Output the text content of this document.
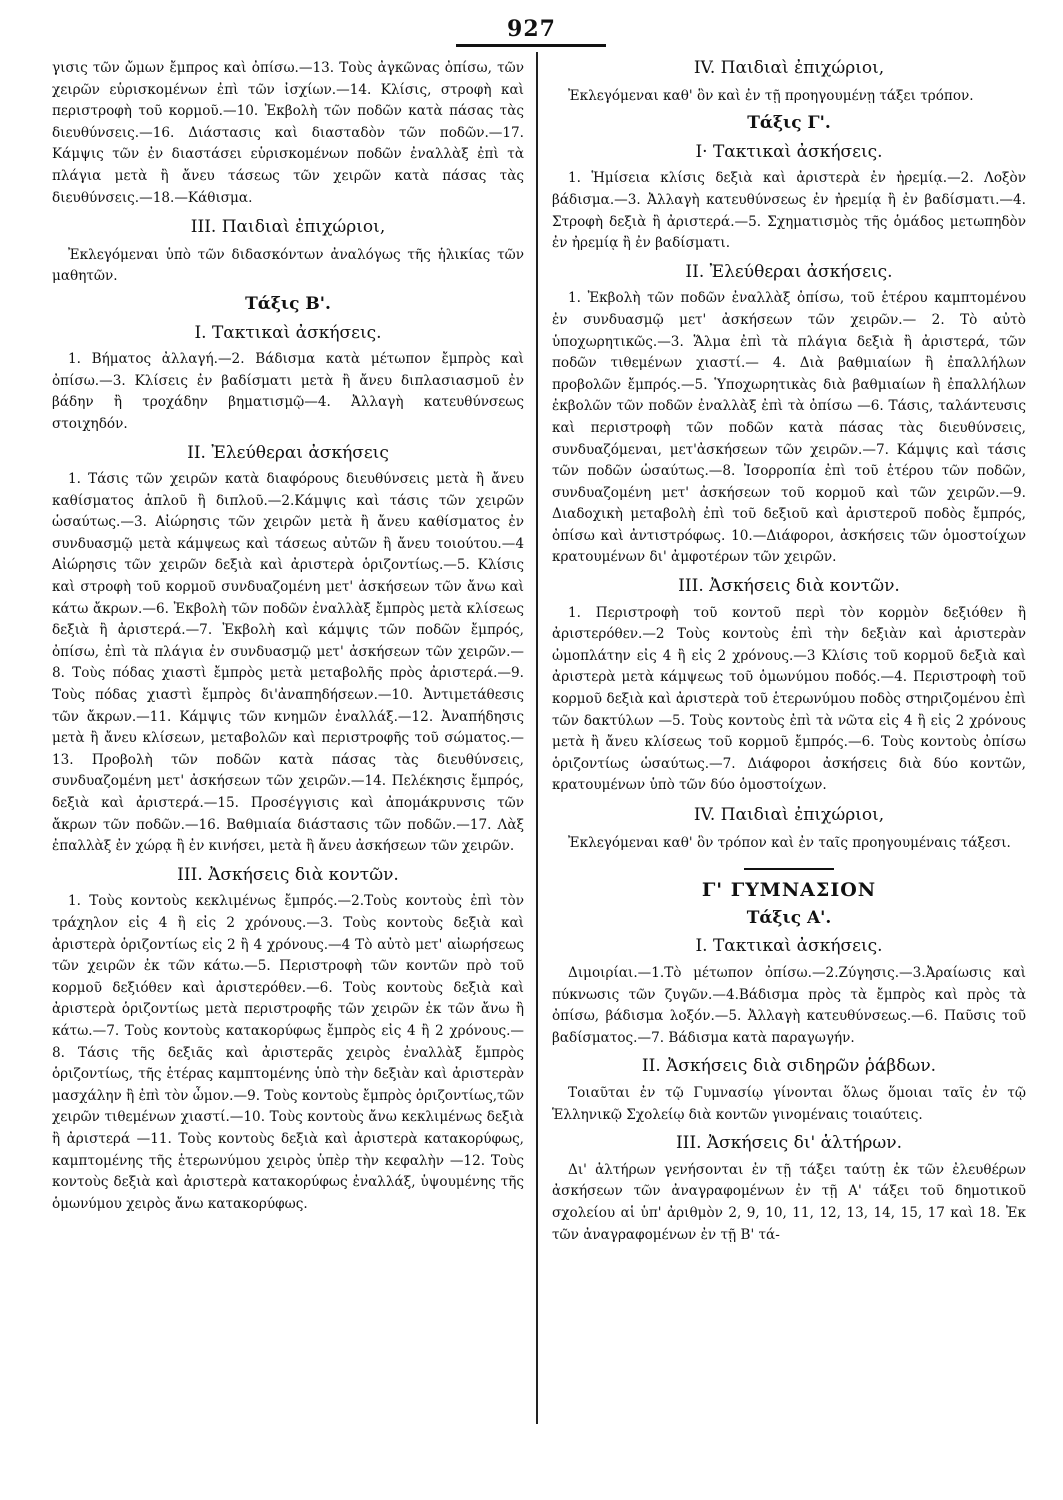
927

γισις τῶν ὤμων ἔμπρος καὶ ὀπίσω.—13. Τοὺς ἀγκῶνας ὀπίσω, τῶν χειρῶν εὑρισκομένων ἐπὶ τῶν ἰσχίων.—14. Κλίσις, στροφὴ καὶ περιστροφὴ τοῦ κορμοῦ.—10. Ἐκβολὴ τῶν ποδῶν κατὰ πάσας τὰς διευθύνσεις.—16. Διάστασις καὶ διασταδὸν τῶν ποδῶν.—17. Κάμψις τῶν ἐν διαστάσει εὑρισκομένων ποδῶν ἐναλλὰξ ἐπὶ τὰ πλάγια μετὰ ἢ ἄνευ τάσεως τῶν χειρῶν κατὰ πάσας τὰς διευθύνσεις.—18.—Κάθισμα.

III. Παιδιαὶ ἐπιχώριοι,

Ἐκλεγόμεναι ὑπὸ τῶν διδασκόντων ἀναλόγως τῆς ἡλικίας τῶν μαθητῶν.

Τάξις Β'.
I. Τακτικαὶ ἀσκήσεις.

1. Βήματος ἀλλαγή.—2. Βάδισμα κατὰ μέτωπον ἔμπρὸς καὶ ὀπίσω.—3. Κλίσεις ἐν βαδίσματι μετὰ ἢ ἄνευ διπλασιασμοῦ ἐν βάδην ἢ τροχάδην βηματισμῷ—4. Ἀλλαγὴ κατευθύνσεως στοιχηδόν.

II. Ἐλεύθεραι ἀσκήσεις

1. Τάσις τῶν χειρῶν κατὰ διαφόρους διευθύνσεις μετὰ ἢ ἄνευ καθίσματος ἁπλοῦ ἢ διπλοῦ.—2.Κάμψις καὶ τάσις τῶν χειρῶν ὡσαύτως.—3. Αἰώρησις τῶν χειρῶν μετὰ ἢ ἄνευ καθίσματος ἐν συνδυασμῷ μετὰ κάμψεως καὶ τάσεως αὐτῶν ἢ ἄνευ τοιούτου.—4 Αἰώρησις τῶν χειρῶν δεξιὰ καὶ ἀριστερὰ ὁριζοντίως.—5. Κλίσις καὶ στροφὴ τοῦ κορμοῦ συνδυαζομένη μετ' ἀσκήσεων τῶν ἄνω καὶ κάτω ἄκρων.—6. Ἐκβολὴ τῶν ποδῶν ἐναλλὰξ ἔμπρὸς μετὰ κλίσεως δεξιὰ ἢ ἀριστερά.—7. Ἐκβολὴ καὶ κάμψις τῶν ποδῶν ἔμπρός, ὀπίσω, ἐπὶ τὰ πλάγια ἐν συνδυασμῷ μετ' ἀσκήσεων τῶν χειρῶν.—8. Τοὺς πόδας χιαστὶ ἔμπρὸς μετὰ μεταβολῆς πρὸς ἀριστερά.—9. Τοὺς πόδας χιαστὶ ἔμπρὸς δι'ἀναπηδήσεων.—10. Ἀντιμετάθεσις τῶν ἄκρων.—11. Κάμψις τῶν κνημῶν ἐναλλάξ.—12. Ἀναπήδησις μετὰ ἢ ἄνευ κλίσεων, μεταβολῶν καὶ περιστροφῆς τοῦ σώματος.—13. Προβολὴ τῶν ποδῶν κατὰ πάσας τὰς διευθύνσεις, συνδυαζομένη μετ' ἀσκήσεων τῶν χειρῶν.—14. Πελέκησις ἔμπρός, δεξιὰ καὶ ἀριστερά.—15. Προσέγγισις καὶ ἀπομάκρυνσις τῶν ἄκρων τῶν ποδῶν.—16. Βαθμιαία διάστασις τῶν ποδῶν.—17. Λὰξ ἐπαλλὰξ ἐν χώρᾳ ἢ ἐν κινήσει, μετὰ ἢ ἄνευ ἀσκήσεων τῶν χειρῶν.

III. Ἀσκήσεις διὰ κοντῶν.

1. Τοὺς κοντοὺς κεκλιμένως ἔμπρός.—2.Τοὺς κοντοὺς ἐπὶ τὸν τράχηλον εἰς 4 ἢ εἰς 2 χρόνους.—3. Τοὺς κοντοὺς δεξιὰ καὶ ἀριστερὰ ὁριζοντίως εἰς 2 ἢ 4 χρόνους.—4 Τὸ αὐτὸ μετ' αἰωρήσεως τῶν χειρῶν ἐκ τῶν κάτω.—5. Περιστροφὴ τῶν κοντῶν πρὸ τοῦ κορμοῦ δεξιόθεν καὶ ἀριστερόθεν.—6. Τοὺς κοντοὺς δεξιὰ καὶ ἀριστερὰ ὁριζοντίως μετὰ περιστροφῆς τῶν χειρῶν ἐκ τῶν ἄνω ἢ κάτω.—7. Τοὺς κοντοὺς κατακορύφως ἔμπρὸς εἰς 4 ἢ 2 χρόνους.—8. Τάσις τῆς δεξιᾶς καὶ ἀριστερᾶς χειρὸς ἐναλλὰξ ἔμπρὸς ὁριζοντίως, τῆς ἑτέρας καμπτομένης ὑπὸ τὴν δεξιὰν καὶ ἀριστερὰν μασχάλην ἢ ἐπὶ τὸν ὦμον.—9. Τοὺς κοντοὺς ἔμπρὸς ὁριζοντίως,τῶν χειρῶν τιθεμένων χιαστί.—10. Τοὺς κοντοὺς ἄνω κεκλιμένως δεξιὰ ἢ ἀριστερά —11. Τοὺς κοντοὺς δεξιὰ καὶ ἀριστερὰ κατακορύφως, καμπτομένης τῆς ἑτερωνύμου χειρὸς ὑπὲρ τὴν κεφαλὴν —12. Τοὺς κοντοὺς δεξιὰ καὶ ἀριστερὰ κατακορύφως ἐναλλάξ, ὑψουμένης τῆς ὁμωνύμου χειρὸς ἄνω κατακορύφως.

IV. Παιδιαὶ ἐπιχώριοι,

Ἐκλεγόμεναι καθ' ὃν καὶ ἐν τῇ προηγουμένῃ τάξει τρόπον.

Τάξις Γ'.
I· Τακτικαὶ ἀσκήσεις.

1. Ἡμίσεια κλίσις δεξιὰ καὶ ἀριστερὰ ἐν ἠρεμίᾳ.—2. Λοξὸν βάδισμα.—3. Ἀλλαγὴ κατευθύνσεως ἐν ἠρεμίᾳ ἢ ἐν βαδίσματι.—4. Στροφὴ δεξιὰ ἢ ἀριστερά.—5. Σχηματισμὸς τῆς ὁμάδος μετωπηδὸν ἐν ἠρεμίᾳ ἢ ἐν βαδίσματι.

II. Ἐλεύθεραι ἀσκήσεις.

1. Ἐκβολὴ τῶν ποδῶν ἐναλλὰξ ὀπίσω, τοῦ ἑτέρου καμπτομένου ἐν συνδυασμῷ μετ' ἀσκήσεων τῶν χειρῶν.— 2. Τὸ αὐτὸ ὑποχωρητικῶς.—3. Ἅλμα ἐπὶ τὰ πλάγια δεξιὰ ἢ ἀριστερά, τῶν ποδῶν τιθεμένων χιαστί.— 4. Διὰ βαθμιαίων ἢ ἐπαλλήλων προβολῶν ἔμπρός.—5. Ὑποχωρητικὰς διὰ βαθμιαίων ἢ ἐπαλλήλων ἐκβολῶν τῶν ποδῶν ἐναλλὰξ ἐπὶ τὰ ὀπίσω —6. Τάσις, ταλάντευσις καὶ περιστροφὴ τῶν ποδῶν κατὰ πάσας τὰς διευθύνσεις, συνδυαζόμεναι, μετ'ἀσκήσεων τῶν χειρῶν.—7. Κάμψις καὶ τάσις τῶν ποδῶν ὡσαύτως.—8. Ἰσορροπία ἐπὶ τοῦ ἑτέρου τῶν ποδῶν, συνδυαζομένη μετ' ἀσκήσεων τοῦ κορμοῦ καὶ τῶν χειρῶν.—9. Διαδοχικὴ μεταβολὴ ἐπὶ τοῦ δεξιοῦ καὶ ἀριστεροῦ ποδὸς ἔμπρός, ὀπίσω καὶ ἀντιστρόφως. 10.—Διάφοροι, ἀσκήσεις τῶν ὁμοστοίχων κρατουμένων δι' ἀμφοτέρων τῶν χειρῶν.

III. Ἀσκήσεις διὰ κοντῶν.

1. Περιστροφὴ τοῦ κοντοῦ περὶ τὸν κορμὸν δεξιόθεν ἢ ἀριστερόθεν.—2 Τοὺς κοντοὺς ἐπὶ τὴν δεξιὰν καὶ ἀριστερὰν ὠμοπλάτην εἰς 4 ἢ εἰς 2 χρόνους.—3 Κλίσις τοῦ κορμοῦ δεξιὰ καὶ ἀριστερὰ μετὰ κάμψεως τοῦ ὁμωνύμου ποδός.—4. Περιστροφὴ τοῦ κορμοῦ δεξιὰ καὶ ἀριστερὰ τοῦ ἑτερωνύμου ποδὸς στηριζομένου ἐπὶ τῶν δακτύλων —5. Τοὺς κοντοὺς ἐπὶ τὰ νῶτα εἰς 4 ἢ εἰς 2 χρόνους μετὰ ἢ ἄνευ κλίσεως τοῦ κορμοῦ ἔμπρός.—6. Τοὺς κοντοὺς ὀπίσω ὁριζοντίως ὡσαύτως.—7. Διάφοροι ἀσκήσεις διὰ δύο κοντῶν, κρατουμένων ὑπὸ τῶν δύο ὁμοστοίχων.

IV. Παιδιαὶ ἐπιχώριοι,

Ἐκλεγόμεναι καθ' ὃν τρόπον καὶ ἐν ταῖς προηγουμέναις τάξεσι.

Γ' ΓΥΜΝΑΣΙΟΝ
Τάξις Α'.
I. Τακτικαὶ ἀσκήσεις.

Διμοιρίαι.—1.Τὸ μέτωπον ὀπίσω.—2.Ζύγησις.—3.Ἀραίωσις καὶ πύκνωσις τῶν ζυγῶν.—4.Βάδισμα πρὸς τὰ ἔμπρὸς καὶ πρὸς τὰ ὀπίσω, βάδισμα λοξόν.—5. Ἀλλαγὴ κατευθύνσεως.—6. Παῦσις τοῦ βαδίσματος.—7. Βάδισμα κατὰ παραγωγήν.

II. Ἀσκήσεις διὰ σιδηρῶν ῥάβδων.

Τοιαῦται ἐν τῷ Γυμνασίῳ γίνονται ὅλως ὅμοιαι ταῖς ἐν τῷ Ἑλληνικῷ Σχολείῳ διὰ κοντῶν γινομέναις τοιαύτεις.

III. Ἀσκήσεις δι' ἁλτήρων.

Δι' ἁλτήρων γενήσονται ἐν τῇ τάξει ταύτῃ ἐκ τῶν ἐλευθέρων ἀσκήσεων τῶν ἀναγραφομένων ἐν τῇ Α' τάξει τοῦ δημοτικοῦ σχολείου αἱ ὑπ' ἀριθμὸν 2, 9, 10, 11, 12, 13, 14, 15, 17 καὶ 18. Ἐκ τῶν ἀναγραφομένων ἐν τῇ Β' τά-
